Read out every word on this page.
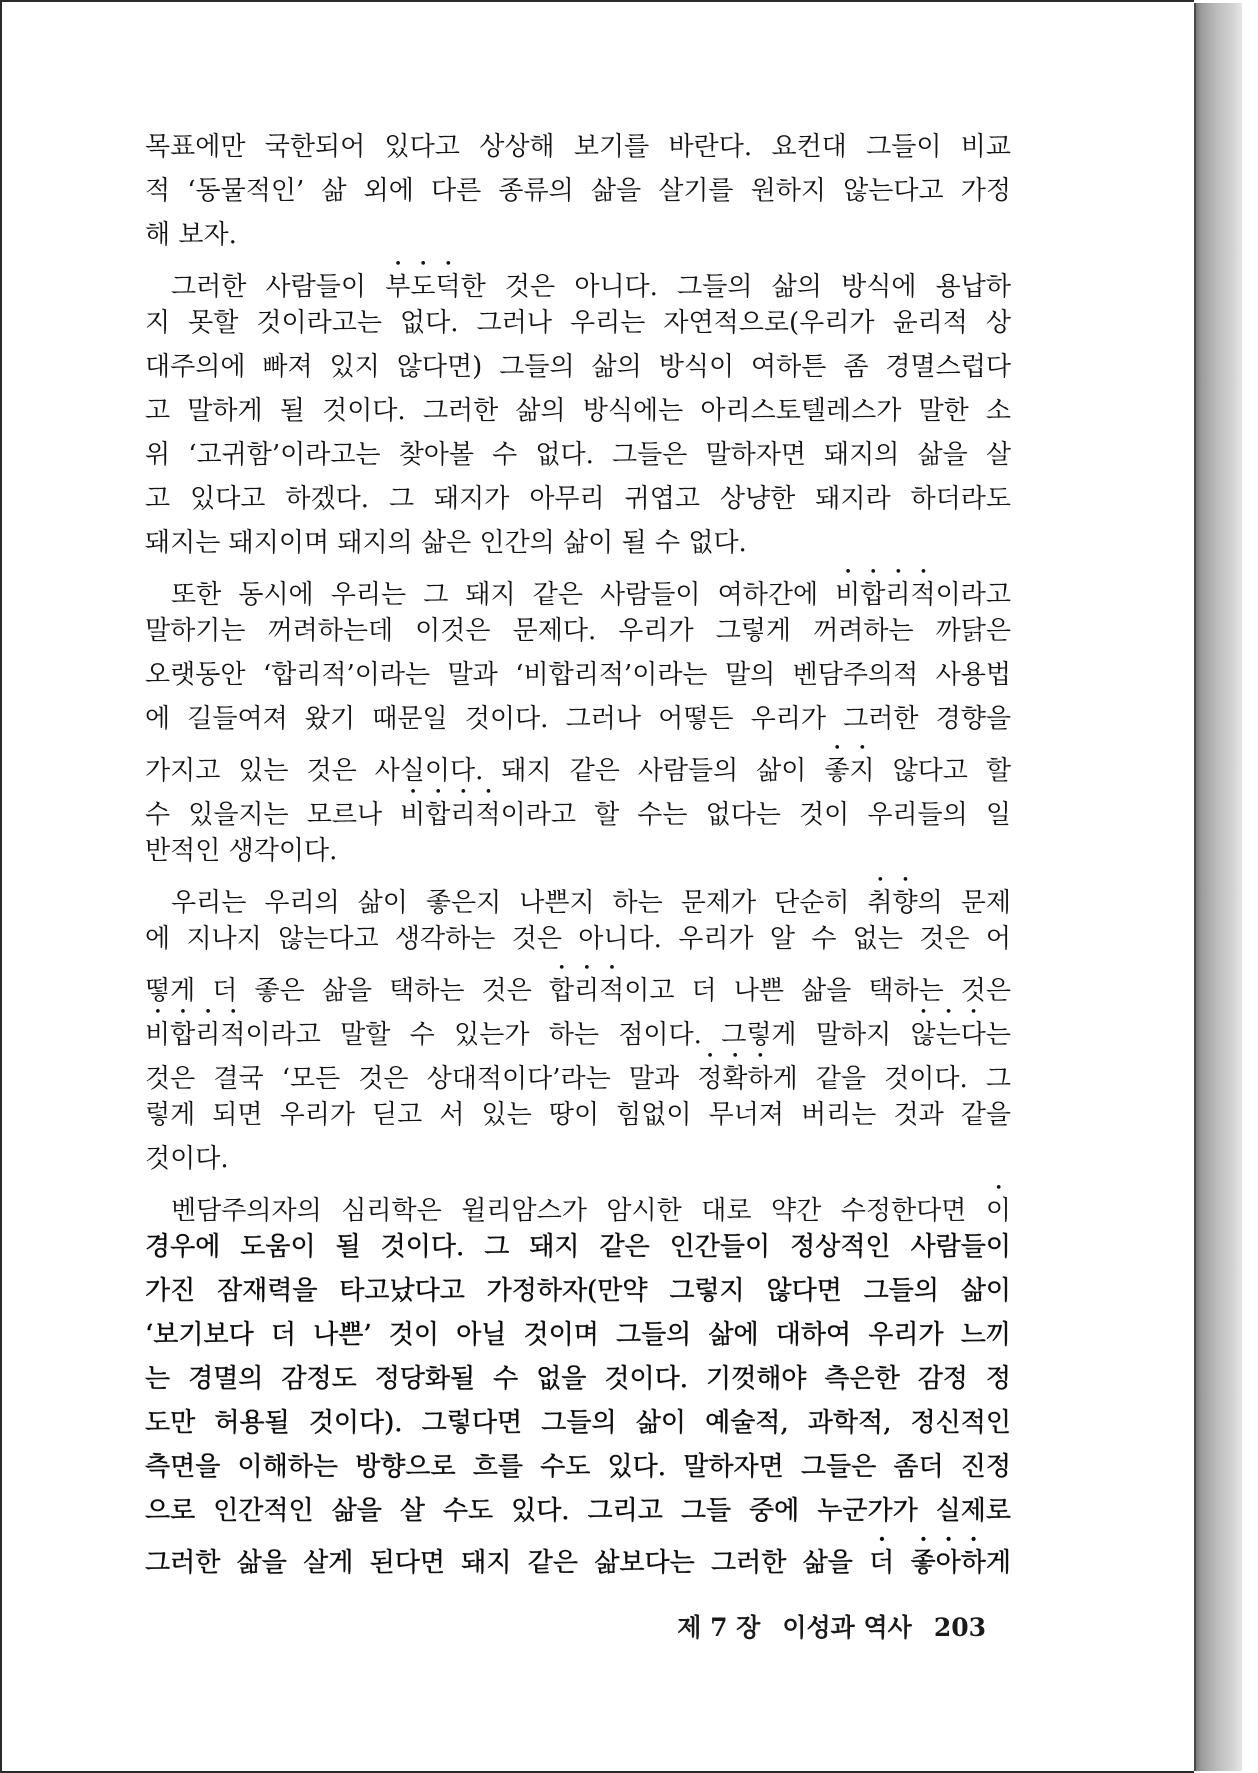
목표에만 국한되어 있다고 상상해 보기를 바란다. 요컨대 그들이 비교
적 ‘동물적인’ 삶 외에 다른 종류의 삶을 살기를 원하지 않는다고 가정
해 보자.
그러한 사람들이 부도덕한 것은 아니다. 그들의 삶의 방식에 용납하
지 못할 것이라고는 없다. 그러나 우리는 자연적으로(우리가 윤리적 상
대주의에 빠져 있지 않다면) 그들의 삶의 방식이 여하튼 좀 경멸스럽다
고 말하게 될 것이다. 그러한 삶의 방식에는 아리스토텔레스가 말한 소
위 ‘고귀함’이라고는 찾아볼 수 없다. 그들은 말하자면 돼지의 삶을 살
고 있다고 하겠다. 그 돼지가 아무리 귀엽고 상냥한 돼지라 하더라도
돼지는 돼지이며 돼지의 삶은 인간의 삶이 될 수 없다.
또한 동시에 우리는 그 돼지 같은 사람들이 여하간에 비합리적이라고
말하기는 꺼려하는데 이것은 문제다. 우리가 그렇게 꺼려하는 까닭은
오랫동안 ‘합리적’이라는 말과 ‘비합리적’이라는 말의 벤담주의적 사용법
에 길들여져 왔기 때문일 것이다. 그러나 어떻든 우리가 그러한 경향을
가지고 있는 것은 사실이다. 돼지 같은 사람들의 삶이 좋지 않다고 할
수 있을지는 모르나 비합리적이라고 할 수는 없다는 것이 우리들의 일
반적인 생각이다.
우리는 우리의 삶이 좋은지 나쁜지 하는 문제가 단순히 취향의 문제
에 지나지 않는다고 생각하는 것은 아니다. 우리가 알 수 없는 것은 어
떻게 더 좋은 삶을 택하는 것은 합리적이고 더 나쁜 삶을 택하는 것은
비합리적이라고 말할 수 있는가 하는 점이다. 그렇게 말하지 않는다는
것은 결국 ‘모든 것은 상대적이다’라는 말과 정확하게 같을 것이다. 그
렇게 되면 우리가 딛고 서 있는 땅이 힘없이 무너져 버리는 것과 같을
것이다.
벤담주의자의 심리학은 윌리암스가 암시한 대로 약간 수정한다면 이
경우에 도움이 될 것이다. 그 돼지 같은 인간들이 정상적인 사람들이
가진 잠재력을 타고났다고 가정하자(만약 그렇지 않다면 그들의 삶이
‘보기보다 더 나쁜’ 것이 아닐 것이며 그들의 삶에 대하여 우리가 느끼
는 경멸의 감정도 정당화될 수 없을 것이다. 기껏해야 측은한 감정 정
도만 허용될 것이다). 그렇다면 그들의 삶이 예술적, 과학적, 정신적인
측면을 이해하는 방향으로 흐를 수도 있다. 말하자면 그들은 좀더 진정
으로 인간적인 삶을 살 수도 있다. 그리고 그들 중에 누군가가 실제로
그러한 삶을 살게 된다면 돼지 같은 삶보다는 그러한 삶을 더 좋아하게
제 7 장 이성과 역사 203
